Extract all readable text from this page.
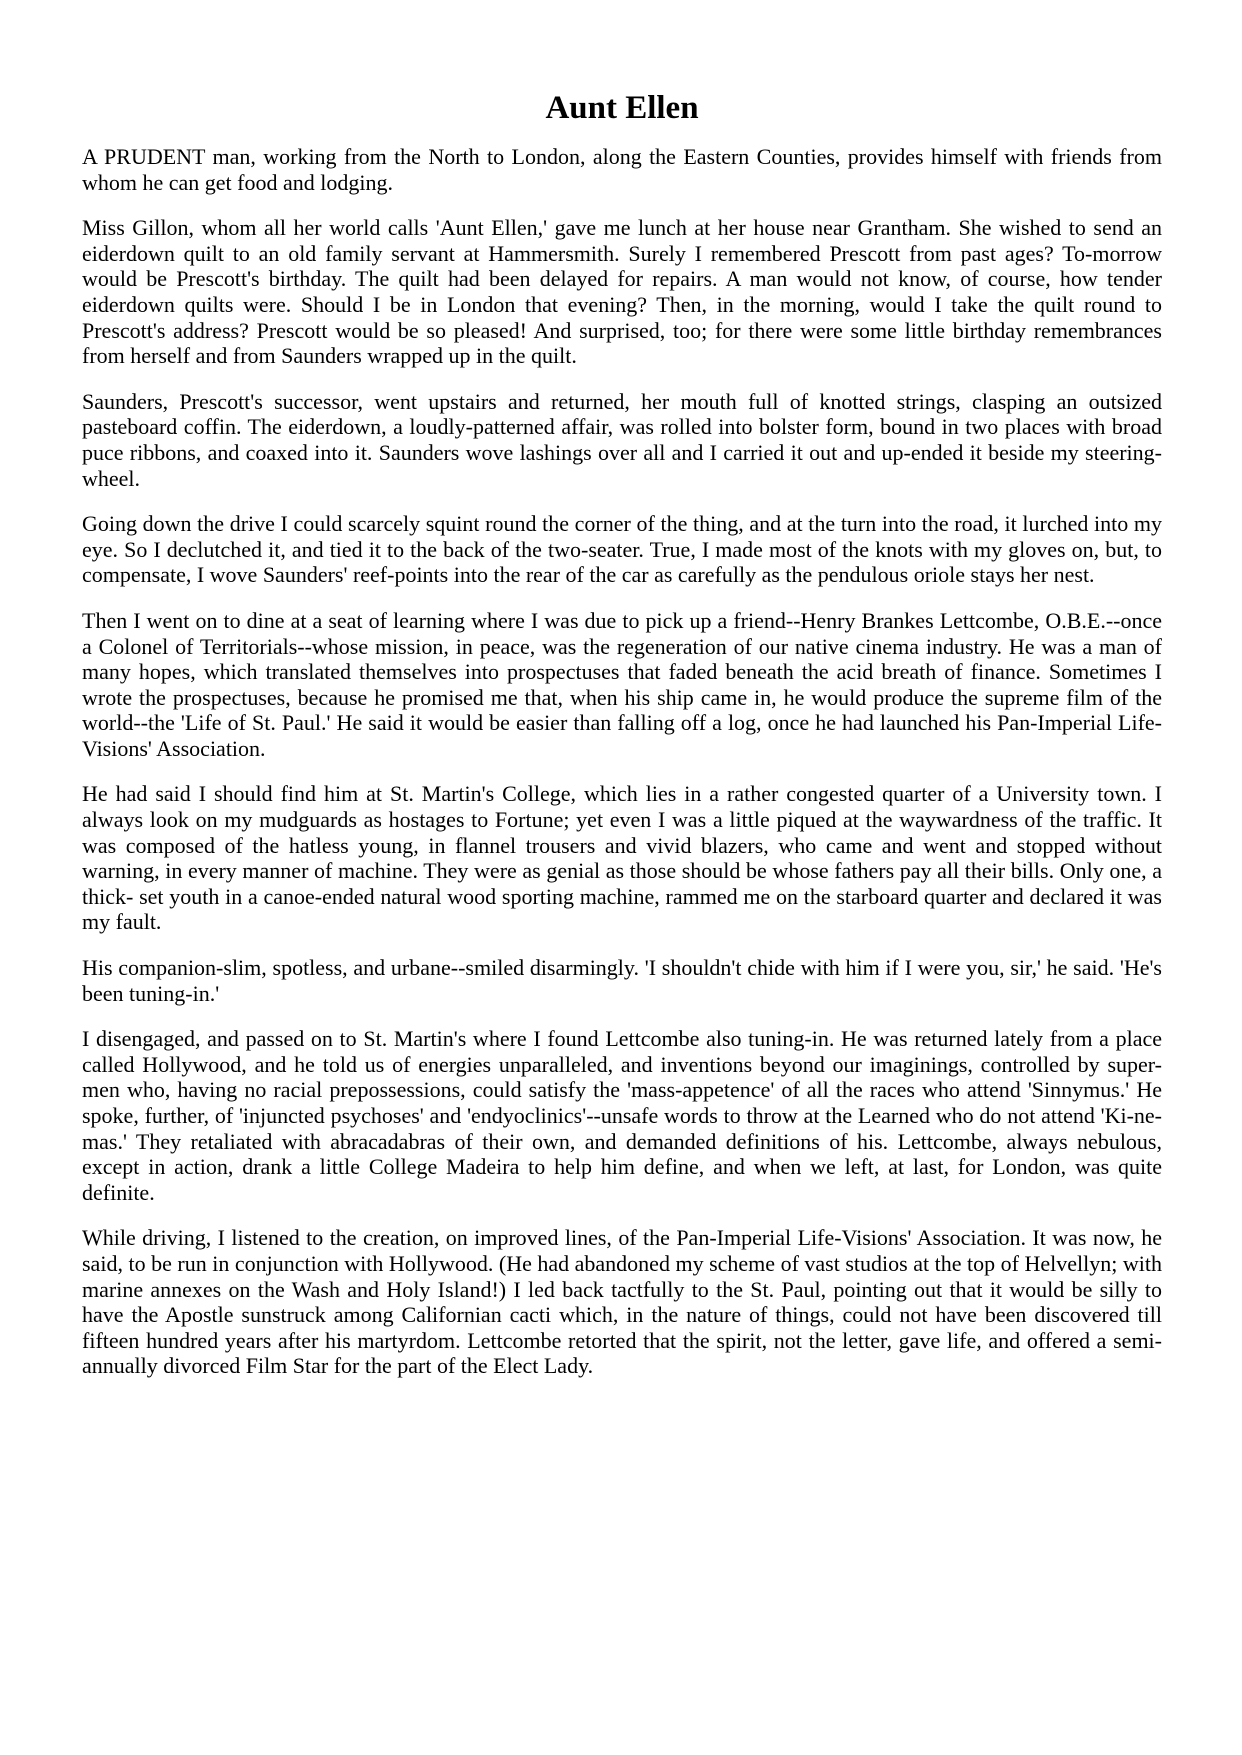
Aunt Ellen

A PRUDENT man, working from the North to London, along the Eastern Counties, provides himself with friends from whom he can get food and lodging.

Miss Gillon, whom all her world calls 'Aunt Ellen,' gave me lunch at her house near Grantham. She wished to send an eiderdown quilt to an old family servant at Hammersmith. Surely I remembered Prescott from past ages? To-morrow would be Prescott's birthday. The quilt had been delayed for repairs. A man would not know, of course, how tender eiderdown quilts were. Should I be in London that evening? Then, in the morning, would I take the quilt round to Prescott's address? Prescott would be so pleased! And surprised, too; for there were some little birthday remembrances from herself and from Saunders wrapped up in the quilt.

Saunders, Prescott's successor, went upstairs and returned, her mouth full of knotted strings, clasping an outsized pasteboard coffin. The eiderdown, a loudly-patterned affair, was rolled into bolster form, bound in two places with broad puce ribbons, and coaxed into it. Saunders wove lashings over all and I carried it out and up-ended it beside my steering-wheel.

Going down the drive I could scarcely squint round the corner of the thing, and at the turn into the road, it lurched into my eye. So I declutched it, and tied it to the back of the two-seater. True, I made most of the knots with my gloves on, but, to compensate, I wove Saunders' reef-points into the rear of the car as carefully as the pendulous oriole stays her nest.

Then I went on to dine at a seat of learning where I was due to pick up a friend--Henry Brankes Lettcombe, O.B.E.--once a Colonel of Territorials--whose mission, in peace, was the regeneration of our native cinema industry. He was a man of many hopes, which translated themselves into prospectuses that faded beneath the acid breath of finance. Sometimes I wrote the prospectuses, because he promised me that, when his ship came in, he would produce the supreme film of the world--the 'Life of St. Paul.' He said it would be easier than falling off a log, once he had launched his Pan-Imperial Life-Visions' Association.

He had said I should find him at St. Martin's College, which lies in a rather congested quarter of a University town. I always look on my mudguards as hostages to Fortune; yet even I was a little piqued at the waywardness of the traffic. It was composed of the hatless young, in flannel trousers and vivid blazers, who came and went and stopped without warning, in every manner of machine. They were as genial as those should be whose fathers pay all their bills. Only one, a thick- set youth in a canoe-ended natural wood sporting machine, rammed me on the starboard quarter and declared it was my fault.

His companion-slim, spotless, and urbane--smiled disarmingly. 'I shouldn't chide with him if I were you, sir,' he said. 'He's been tuning-in.'

I disengaged, and passed on to St. Martin's where I found Lettcombe also tuning-in. He was returned lately from a place called Hollywood, and he told us of energies unparalleled, and inventions beyond our imaginings, controlled by super-men who, having no racial prepossessions, could satisfy the 'mass-appetence' of all the races who attend 'Sinnymus.' He spoke, further, of 'injuncted psychoses' and 'endyoclinics'--unsafe words to throw at the Learned who do not attend 'Ki-ne-mas.' They retaliated with abracadabras of their own, and demanded definitions of his. Lettcombe, always nebulous, except in action, drank a little College Madeira to help him define, and when we left, at last, for London, was quite definite.

While driving, I listened to the creation, on improved lines, of the Pan-Imperial Life-Visions' Association. It was now, he said, to be run in conjunction with Hollywood. (He had abandoned my scheme of vast studios at the top of Helvellyn; with marine annexes on the Wash and Holy Island!) I led back tactfully to the St. Paul, pointing out that it would be silly to have the Apostle sunstruck among Californian cacti which, in the nature of things, could not have been discovered till fifteen hundred years after his martyrdom. Lettcombe retorted that the spirit, not the letter, gave life, and offered a semi- annually divorced Film Star for the part of the Elect Lady.
